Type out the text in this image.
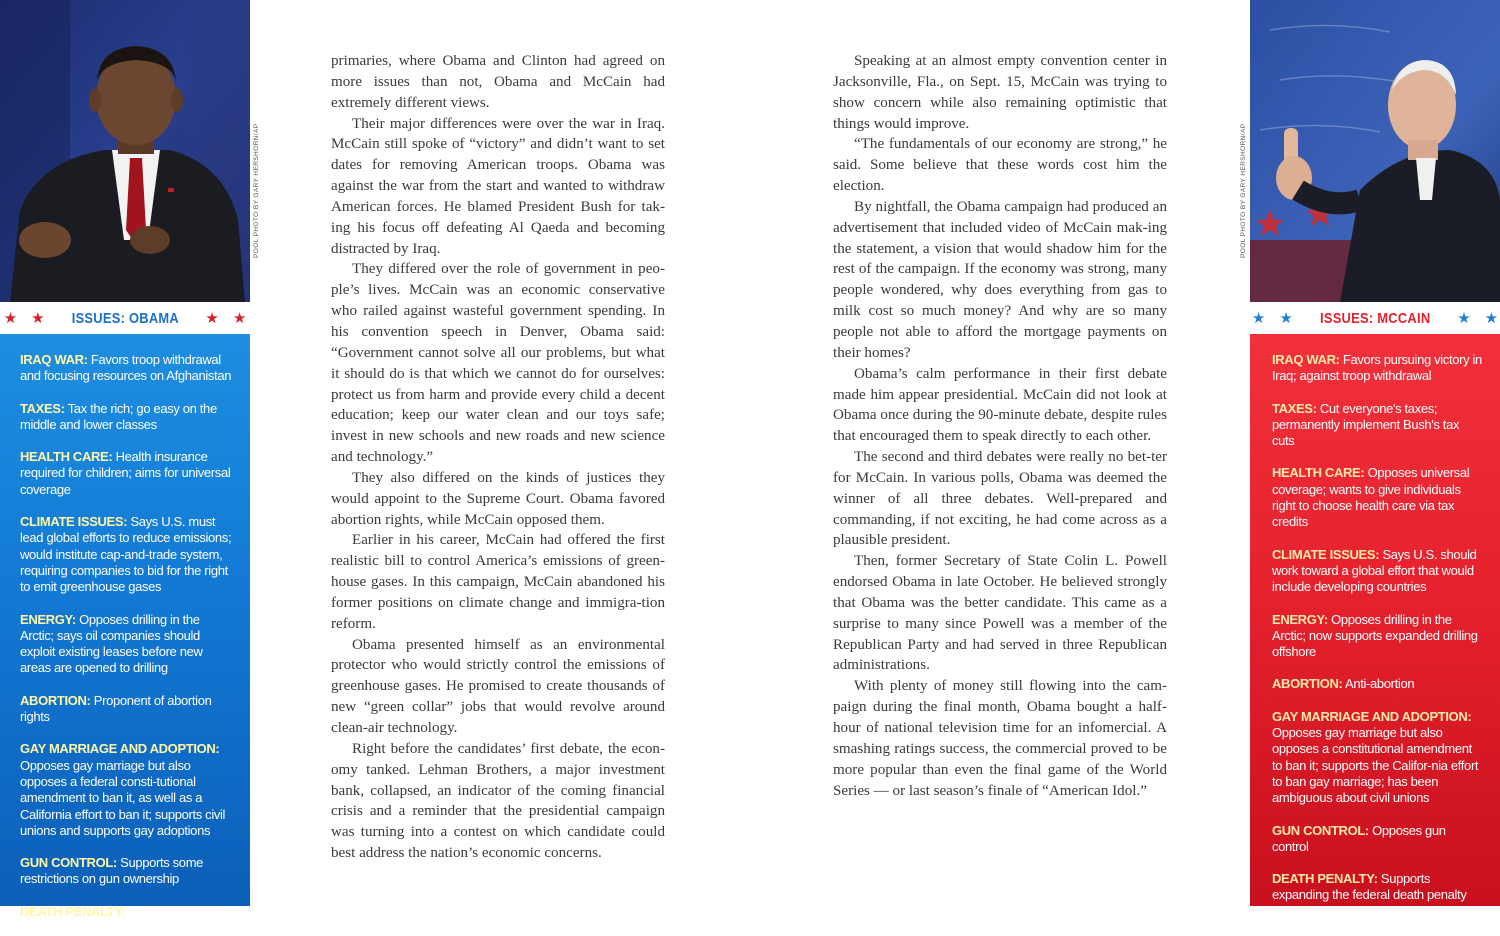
★ ★ ISSUES: OBAMA ★ ★
IRAQ WAR: Favors troop withdrawal and focusing resources on Afghanistan
TAXES: Tax the rich; go easy on the middle and lower classes
HEALTH CARE: Health insurance required for children; aims for universal coverage
CLIMATE ISSUES: Says U.S. must lead global efforts to reduce emissions; would institute cap-and-trade system, requiring companies to bid for the right to emit greenhouse gases
ENERGY: Opposes drilling in the Arctic; says oil companies should exploit existing leases before new areas are opened to drilling
ABORTION: Proponent of abortion rights
GAY MARRIAGE AND ADOPTION: Opposes gay marriage but also opposes a federal consti-tutional amendment to ban it, as well as a California effort to ban it; supports civil unions and supports gay adoptions
GUN CONTROL: Supports some restrictions on gun ownership
DEATH PENALTY: Supports the death penalty for certain crimes
POOL PHOTO BY GARY HERSHORN/AP

primaries, where Obama and Clinton had agreed on more issues than not, Obama and McCain had extremely different views.

Their major differences were over the war in Iraq. McCain still spoke of “victory” and didn’t want to set dates for removing American troops. Obama was against the war from the start and wanted to withdraw American forces. He blamed President Bush for tak-ing his focus off defeating Al Qaeda and becoming distracted by Iraq.

They differed over the role of government in peo-ple’s lives. McCain was an economic conservative who railed against wasteful government spending. In his convention speech in Denver, Obama said: “Government cannot solve all our problems, but what it should do is that which we cannot do for ourselves: protect us from harm and provide every child a decent education; keep our water clean and our toys safe; invest in new schools and new roads and new science and technology.”

They also differed on the kinds of justices they would appoint to the Supreme Court. Obama favored abortion rights, while McCain opposed them.

Earlier in his career, McCain had offered the first realistic bill to control America’s emissions of green-house gases. In this campaign, McCain abandoned his former positions on climate change and immigra-tion reform.

Obama presented himself as an environmental protector who would strictly control the emissions of greenhouse gases. He promised to create thousands of new “green collar” jobs that would revolve around clean-air technology.

Right before the candidates’ first debate, the econ-omy tanked. Lehman Brothers, a major investment bank, collapsed, an indicator of the coming financial crisis and a reminder that the presidential campaign was turning into a contest on which candidate could best address the nation’s economic concerns.

Speaking at an almost empty convention center in Jacksonville, Fla., on Sept. 15, McCain was trying to show concern while also remaining optimistic that things would improve.

“The fundamentals of our economy are strong,” he said. Some believe that these words cost him the election.

By nightfall, the Obama campaign had produced an advertisement that included video of McCain mak-ing the statement, a vision that would shadow him for the rest of the campaign. If the economy was strong, many people wondered, why does everything from gas to milk cost so much money? And why are so many people not able to afford the mortgage payments on their homes?

Obama’s calm performance in their first debate made him appear presidential. McCain did not look at Obama once during the 90-minute debate, despite rules that encouraged them to speak directly to each other.

The second and third debates were really no bet-ter for McCain. In various polls, Obama was deemed the winner of all three debates. Well-prepared and commanding, if not exciting, he had come across as a plausible president.

Then, former Secretary of State Colin L. Powell endorsed Obama in late October. He believed strongly that Obama was the better candidate. This came as a surprise to many since Powell was a member of the Republican Party and had served in three Republican administrations.

With plenty of money still flowing into the cam-paign during the final month, Obama bought a half-hour of national television time for an infomercial. A smashing ratings success, the commercial proved to be more popular than even the final game of the World Series — or last season’s finale of “American Idol.”

POOL PHOTO BY GARY HERSHORN/AP
★ ★ ISSUES: MCCAIN ★ ★
IRAQ WAR: Favors pursuing victory in Iraq; against troop withdrawal
TAXES: Cut everyone's taxes; permanently implement Bush's tax cuts
HEALTH CARE: Opposes universal coverage; wants to give individuals right to choose health care via tax credits
CLIMATE ISSUES: Says U.S. should work toward a global effort that would include developing countries
ENERGY: Opposes drilling in the Arctic; now supports expanded drilling offshore
ABORTION: Anti-abortion
GAY MARRIAGE AND ADOPTION: Opposes gay marriage but also opposes a constitutional amendment to ban it; supports the Califor-nia effort to ban gay marriage; has been ambiguous about civil unions
GUN CONTROL: Opposes gun control
DEATH PENALTY: Supports expanding the federal death penalty
